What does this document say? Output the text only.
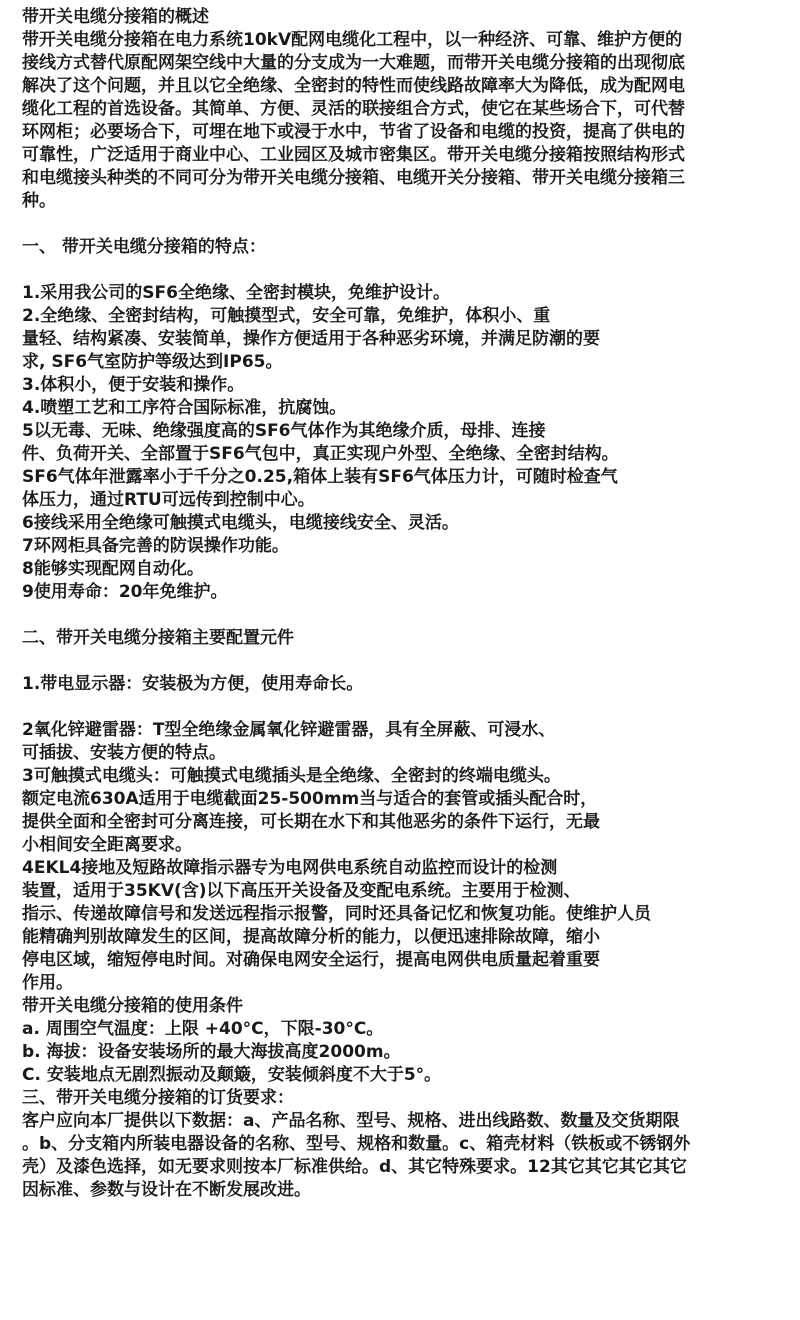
带开关电缆分接箱的概述
带开关电缆分接箱在电力系统10kV配网电缆化工程中，以一种经济、可靠、维护方便的
接线方式替代原配网架空线中大量的分支成为一大难题，而带开关电缆分接箱的出现彻底
解决了这个问题，并且以它全绝缘、全密封的特性而使线路故障率大为降低，成为配网电
缆化工程的首选设备。其简单、方便、灵活的联接组合方式，使它在某些场合下，可代替
环网柜；必要场合下，可埋在地下或浸于水中，节省了设备和电缆的投资，提高了供电的
可靠性，广泛适用于商业中心、工业园区及城市密集区。带开关电缆分接箱按照结构形式
和电缆接头种类的不同可分为带开关电缆分接箱、电缆开关分接箱、带开关电缆分接箱三
种。
一、 带开关电缆分接箱的特点：
1.采用我公司的SF6全绝缘、全密封模块，免维护设计。
2.全绝缘、全密封结构，可触摸型式，安全可靠，免维护，体积小、重
量轻、结构紧凑、安装简单，操作方便适用于各种恶劣环境，并满足防潮的要
求, SF6气室防护等级达到IP65。
3.体积小，便于安装和操作。
4.喷塑工艺和工序符合国际标准，抗腐蚀。
5以无毒、无味、绝缘强度高的SF6气体作为其绝缘介质，母排、连接
件、负荷开关、全部置于SF6气包中，真正实现户外型、全绝缘、全密封结构。
SF6气体年泄露率小于千分之0.25,箱体上装有SF6气体压力计，可随时检查气
体压力，通过RTU可远传到控制中心。
6接线采用全绝缘可触摸式电缆头，电缆接线安全、灵活。
7环网柜具备完善的防误操作功能。
8能够实现配网自动化。
9使用寿命：20年免维护。
二、带开关电缆分接箱主要配置元件
1.带电显示器：安装极为方便，使用寿命长。
2氧化锌避雷器：T型全绝缘金属氧化锌避雷器，具有全屏蔽、可浸水、
可插拔、安装方便的特点。
3可触摸式电缆头：可触摸式电缆插头是全绝缘、全密封的终端电缆头。
额定电流630A适用于电缆截面25-500mm当与适合的套管或插头配合时，
提供全面和全密封可分离连接，可长期在水下和其他恶劣的条件下运行，无最
小相间安全距离要求。
4EKL4接地及短路故障指示器专为电网供电系统自动监控而设计的检测
装置，适用于35KV(含)以下高压开关设备及变配电系统。主要用于检测、
指示、传递故障信号和发送远程指示报警，同时还具备记忆和恢复功能。使维护人员
能精确判别故障发生的区间，提高故障分析的能力，以便迅速排除故障，缩小
停电区域，缩短停电时间。对确保电网安全运行，提高电网供电质量起着重要
作用。
带开关电缆分接箱的使用条件
a. 周围空气温度：上限 +40°C，下限-30°C。
b. 海拔：设备安装场所的最大海拔高度2000m。
C. 安装地点无剧烈振动及颠簸，安装倾斜度不大于5°。
三、带开关电缆分接箱的订货要求：
客户应向本厂提供以下数据：a、产品名称、型号、规格、进出线路数、数量及交货期限
。b、分支箱内所装电器设备的名称、型号、规格和数量。c、箱壳材料（铁板或不锈钢外
壳）及漆色选择，如无要求则按本厂标准供给。d、其它特殊要求。12其它其它其它其它
因标准、参数与设计在不断发展改进。
